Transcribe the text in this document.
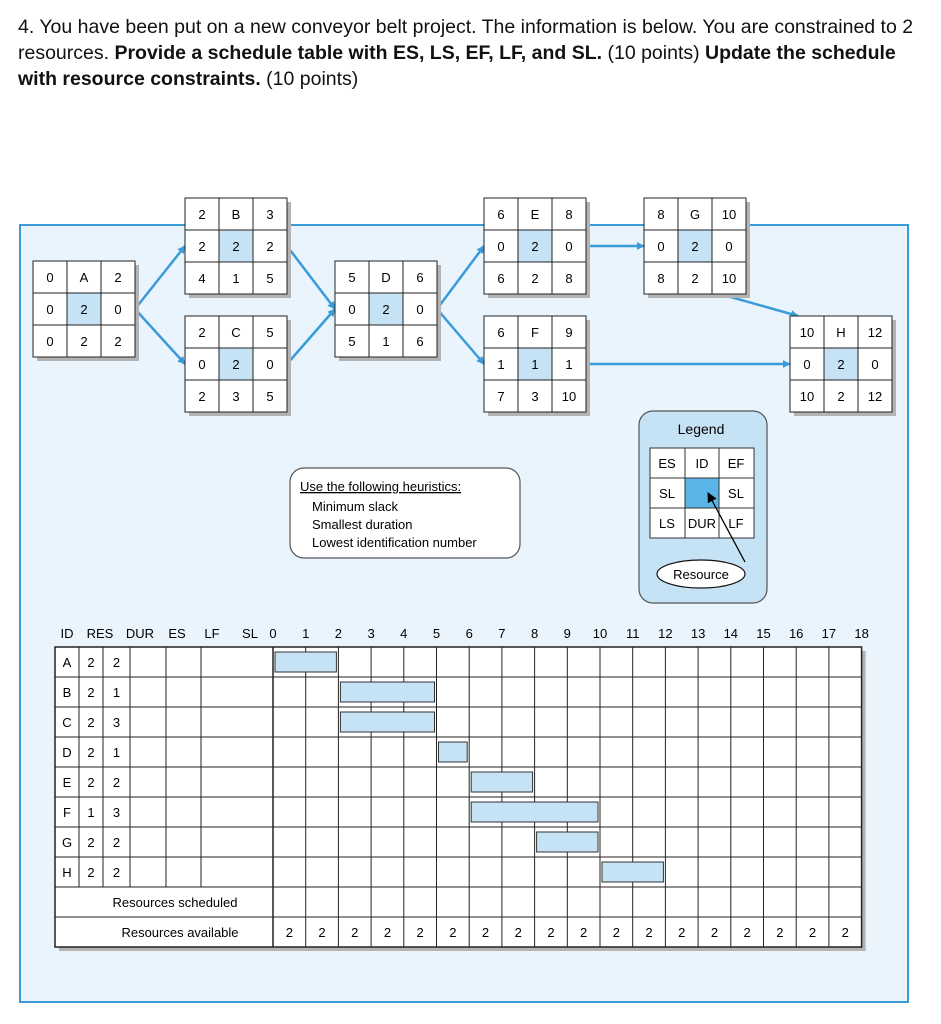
4. You have been put on a new conveyor belt project. The information is below. You are constrained to 2 resources. Provide a schedule table with ES, LS, EF, LF, and SL. (10 points) Update the schedule with resource constraints. (10 points)
0 A 2
0 2 0
0 2 2
2 B 3
2 2 2
4 1 5
2 C 5
0 2 0
2 3 5
5 D 6
0 2 0
5 1 6
6 E 8
0 2 0
6 2 8
6 F 9
1 1 1
7 3 10
8 G 10
0 2 0
8 2 10
10 H 12
0 2 0
10 2 12
Use the following heuristics:
Minimum slack
Smallest duration
Lowest identification number
Legend
ES ID EF
SL	SL
LS DUR LF
Resource
ID RES DUR ES LF SL 0 1 2 3 4 5 6 7 8 9 10 11 12 13 14 15 16 17 18
A 2 2
B 2 1
C 2 3
D 2 1
E 2 2
F 1 3
G 2 2
H 2 2
Resources scheduled
Resources available	2 2 2 2 2 2 2 2 2 2 2 2 2 2 2 2 2 2
